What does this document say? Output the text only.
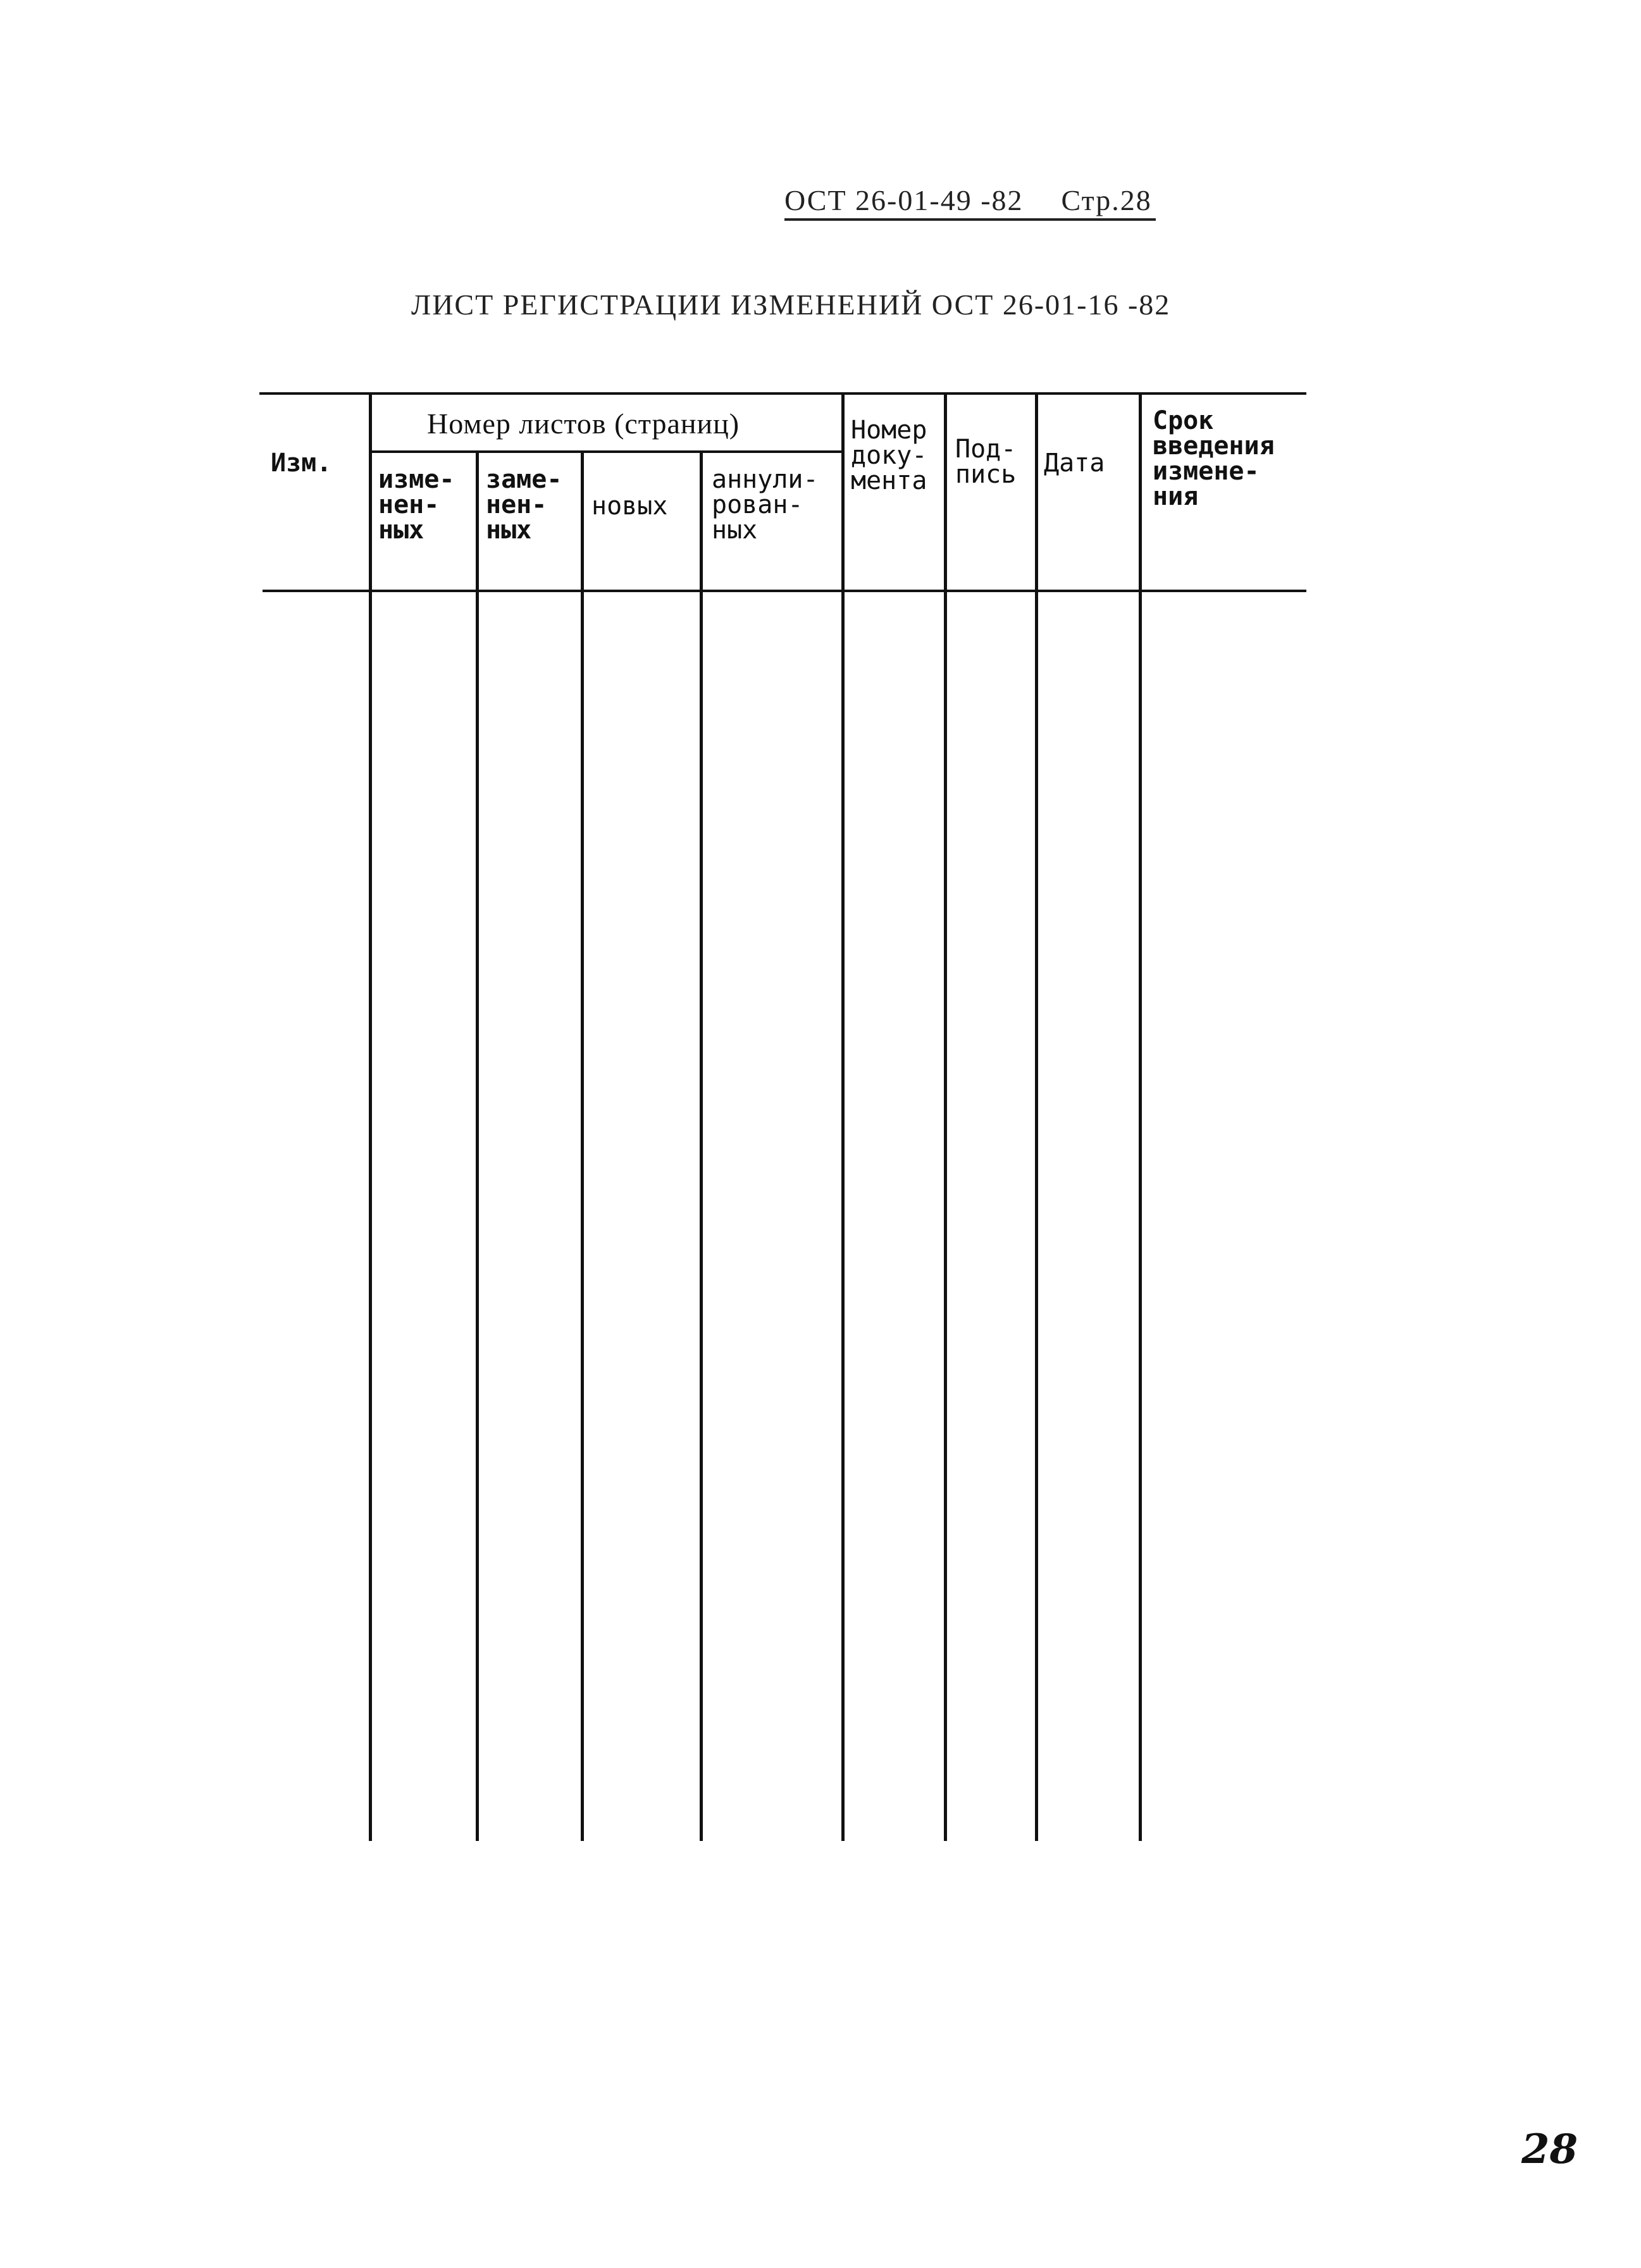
ОСТ 26-01-49 -82 Стр.28
ЛИСТ РЕГИСТРАЦИИ ИЗМЕНЕНИЙ ОСТ 26-01-16 -82
Изм.
Номер листов (страниц)
изме-
нен-
ных
заме-
нен-
ных
новых
аннули-
рован-
ных
Номер
доку-
мента
Под-
пись Дата
Срок
введения
измене-
ния
28
